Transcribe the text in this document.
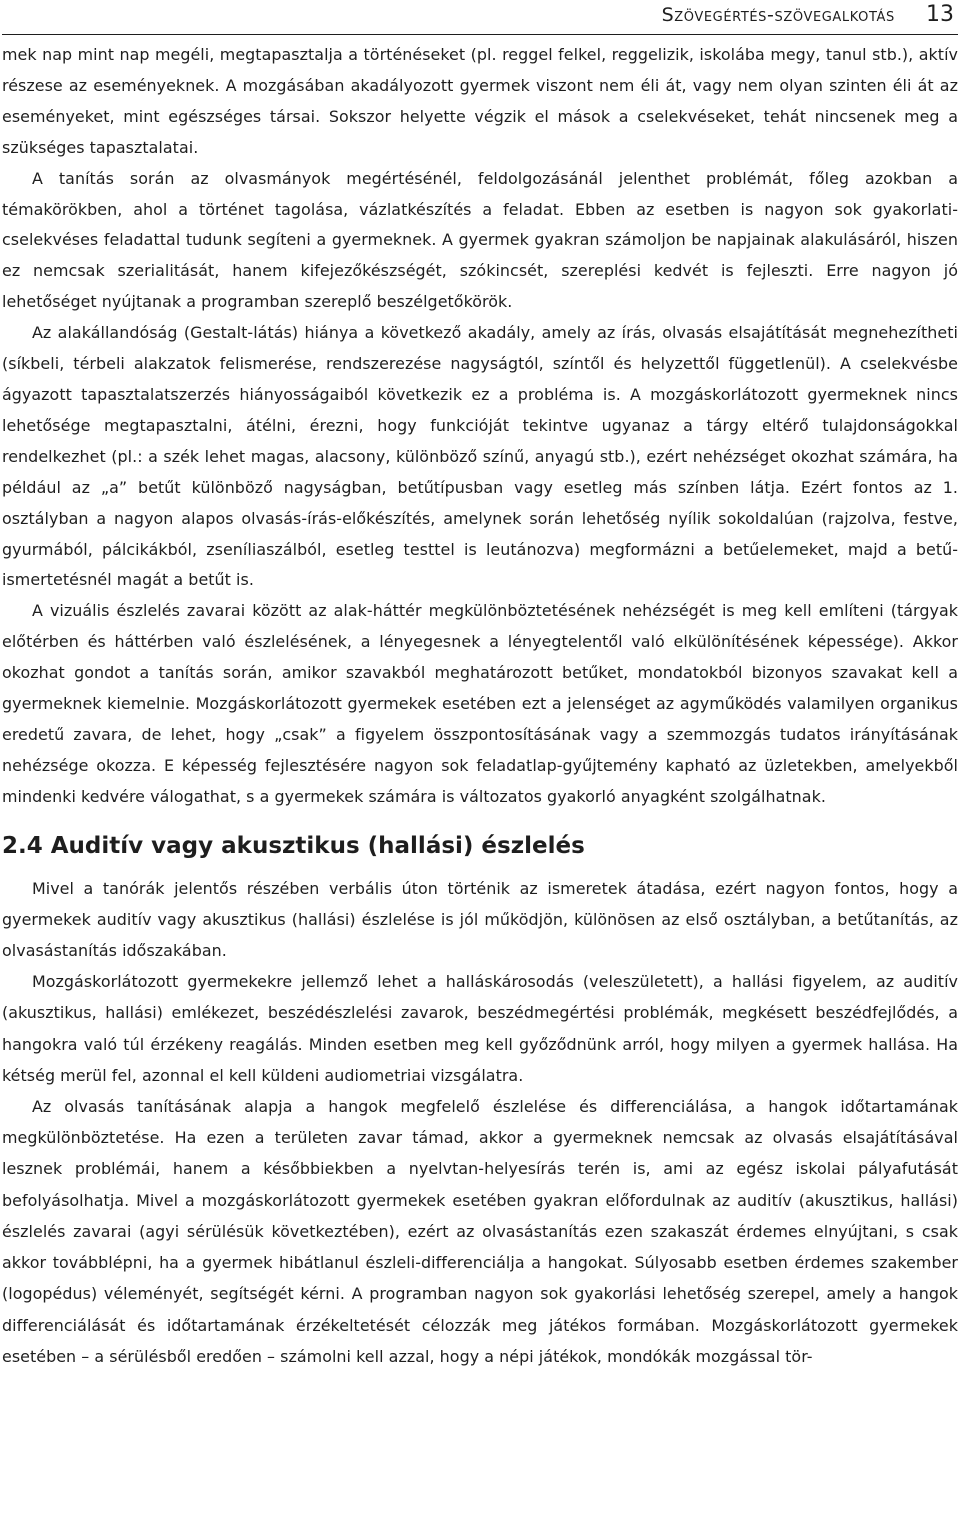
Szövegértés-szövegalkotás 13

mek nap mint nap megéli, megtapasztalja a történéseket (pl. reggel felkel, reggelizik, iskolába megy, tanul stb.), aktív részese az eseményeknek. A mozgásában akadályozott gyermek viszont nem éli át, vagy nem olyan szinten éli át az eseményeket, mint egészséges társai. Sokszor helyette végzik el mások a cselekvéseket, tehát nincsenek meg a szükséges tapasztalatai.

A tanítás során az olvasmányok megértésénél, feldolgozásánál jelenthet problémát, főleg azokban a témakörökben, ahol a történet tagolása, vázlatkészítés a feladat. Ebben az esetben is nagyon sok gyakorlati-cselekvéses feladattal tudunk segíteni a gyermeknek. A gyermek gyakran számoljon be napjainak alakulásáról, hiszen ez nemcsak szerialitását, hanem kifejezőkészségét, szókincsét, szereplési kedvét is fejleszti. Erre nagyon jó lehetőséget nyújtanak a programban szereplő beszélgetőkörök.

Az alakállandóság (Gestalt-látás) hiánya a következő akadály, amely az írás, olvasás elsajátítását megnehezítheti (síkbeli, térbeli alakzatok felismerése, rendszerezése nagyságtól, színtől és helyzettől függetlenül). A cselekvésbe ágyazott tapasztalatszerzés hiányosságaiból következik ez a probléma is. A mozgáskorlátozott gyermeknek nincs lehetősége megtapasztalni, átélni, érezni, hogy funkcióját tekintve ugyanaz a tárgy eltérő tulajdonságokkal rendelkezhet (pl.: a szék lehet magas, alacsony, különböző színű, anyagú stb.), ezért nehézséget okozhat számára, ha például az „a” betűt különböző nagyságban, betűtípusban vagy esetleg más színben látja. Ezért fontos az 1. osztályban a nagyon alapos olvasás-írás-előkészítés, amelynek során lehetőség nyílik sokoldalúan (rajzolva, festve, gyurmából, pálcikákból, zseníliaszálból, esetleg testtel is leutánozva) megformázni a betűelemeket, majd a betűismertetésnél magát a betűt is.

A vizuális észlelés zavarai között az alak-háttér megkülönböztetésének nehézségét is meg kell említeni (tárgyak előtérben és háttérben való észlelésének, a lényegesnek a lényegtelentől való elkülönítésének képessége). Akkor okozhat gondot a tanítás során, amikor szavakból meghatározott betűket, mondatokból bizonyos szavakat kell a gyermeknek kiemelnie. Mozgáskorlátozott gyermekek esetében ezt a jelenséget az agyműködés valamilyen organikus eredetű zavara, de lehet, hogy „csak” a figyelem összpontosításának vagy a szemmozgás tudatos irányításának nehézsége okozza. E képesség fejlesztésére nagyon sok feladatlap-gyűjtemény kapható az üzletekben, amelyekből mindenki kedvére válogathat, s a gyermekek számára is változatos gyakorló anyagként szolgálhatnak.

2.4 Auditív vagy akusztikus (hallási) észlelés

Mivel a tanórák jelentős részében verbális úton történik az ismeretek átadása, ezért nagyon fontos, hogy a gyermekek auditív vagy akusztikus (hallási) észlelése is jól működjön, különösen az első osztályban, a betűtanítás, az olvasástanítás időszakában.

Mozgáskorlátozott gyermekekre jellemző lehet a halláskárosodás (veleszületett), a hallási figyelem, az auditív (akusztikus, hallási) emlékezet, beszédészlelési zavarok, beszédmegértési problémák, megkésett beszédfejlődés, a hangokra való túl érzékeny reagálás. Minden esetben meg kell győződnünk arról, hogy milyen a gyermek hallása. Ha kétség merül fel, azonnal el kell küldeni audiometriai vizsgálatra.

Az olvasás tanításának alapja a hangok megfelelő észlelése és differenciálása, a hangok időtartamának megkülönböztetése. Ha ezen a területen zavar támad, akkor a gyermeknek nemcsak az olvasás elsajátításával lesznek problémái, hanem a későbbiekben a nyelvtan-helyesírás terén is, ami az egész iskolai pályafutását befolyásolhatja. Mivel a mozgáskorlátozott gyermekek esetében gyakran előfordulnak az auditív (akusztikus, hallási) észlelés zavarai (agyi sérülésük következtében), ezért az olvasástanítás ezen szakaszát érdemes elnyújtani, s csak akkor továbblépni, ha a gyermek hibátlanul észleli-differenciálja a hangokat. Súlyosabb esetben érdemes szakember (logopédus) véleményét, segítségét kérni. A programban nagyon sok gyakorlási lehetőség szerepel, amely a hangok differenciálását és időtartamának érzékeltetését célozzák meg játékos formában. Mozgáskorlátozott gyermekek esetében – a sérülésből eredően – számolni kell azzal, hogy a népi játékok, mondókák mozgással tör-
